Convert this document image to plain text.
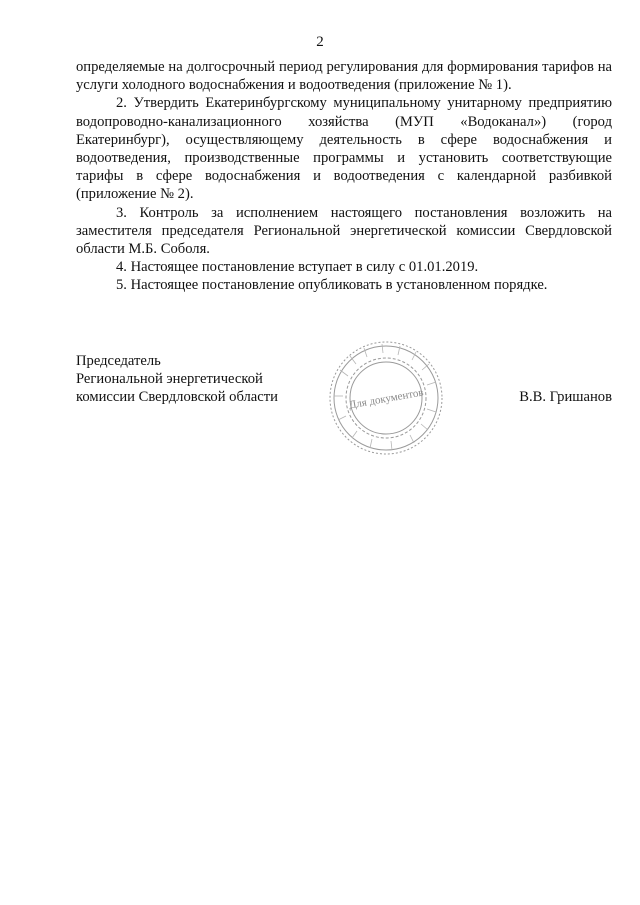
2

определяемые на долгосрочный период регулирования для формирования тарифов на услуги холодного водоснабжения и водоотведения (приложение № 1).

2. Утвердить Екатеринбургскому муниципальному унитарному предприятию водопроводно-канализационного хозяйства (МУП «Водоканал») (город Екатеринбург), осуществляющему деятельность в сфере водоснабжения и водоотведения, производственные программы и установить соответствующие тарифы в сфере водоснабжения и водоотведения с календарной разбивкой (приложение № 2).

3. Контроль за исполнением настоящего постановления возложить на заместителя председателя Региональной энергетической комиссии Свердловской области М.Б. Соболя.

4. Настоящее постановление вступает в силу с 01.01.2019.

5. Настоящее постановление опубликовать в установленном порядке.

Председатель
Региональной энергетической
комиссии Свердловской области	Для документов	В.В. Гришанов
